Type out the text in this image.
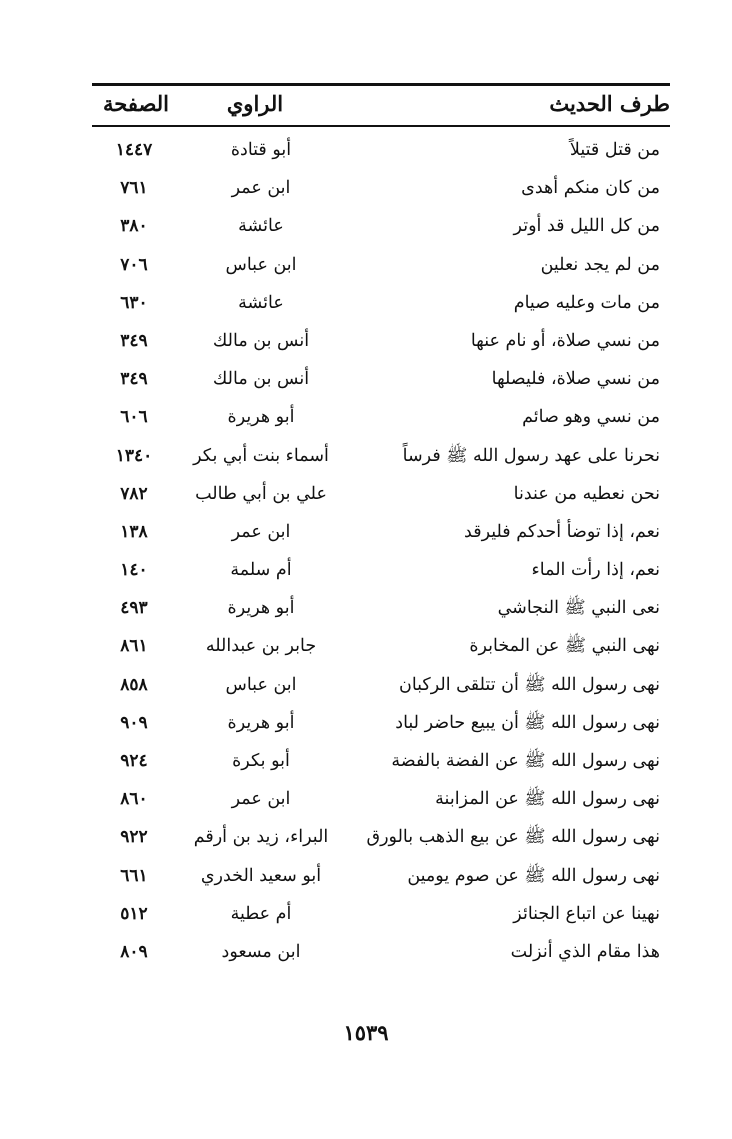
طرف الحديث
الراوي
الصفحة
من قتل قتيلاً
أبو قتادة
١٤٤٧
من كان منكم أهدى
ابن عمر
٧٦١
من كل الليل قد أوتر
عائشة
٣٨٠
من لم يجد نعلين
ابن عباس
٧٠٦
من مات وعليه صيام
عائشة
٦٣٠
من نسي صلاة، أو نام عنها
أنس بن مالك
٣٤٩
من نسي صلاة، فليصلها
أنس بن مالك
٣٤٩
من نسي وهو صائم
أبو هريرة
٦٠٦
نحرنا على عهد رسول الله ﷺ فرساً
أسماء بنت أبي بكر
١٣٤٠
نحن نعطيه من عندنا
علي بن أبي طالب
٧٨٢
نعم، إذا توضأ أحدكم فليرقد
ابن عمر
١٣٨
نعم، إذا رأت الماء
أم سلمة
١٤٠
نعى النبي ﷺ النجاشي
أبو هريرة
٤٩٣
نهى النبي ﷺ عن المخابرة
جابر بن عبدالله
٨٦١
نهى رسول الله ﷺ أن تتلقى الركبان
ابن عباس
٨٥٨
نهى رسول الله ﷺ أن يبيع حاضر لباد
أبو هريرة
٩٠٩
نهى رسول الله ﷺ عن الفضة بالفضة
أبو بكرة
٩٢٤
نهى رسول الله ﷺ عن المزابنة
ابن عمر
٨٦٠
نهى رسول الله ﷺ عن بيع الذهب بالورق
البراء، زيد بن أرقم
٩٢٢
نهى رسول الله ﷺ عن صوم يومين
أبو سعيد الخدري
٦٦١
نهينا عن اتباع الجنائز
أم عطية
٥١٢
هذا مقام الذي أنزلت
ابن مسعود
٨٠٩
١٥٣٩
